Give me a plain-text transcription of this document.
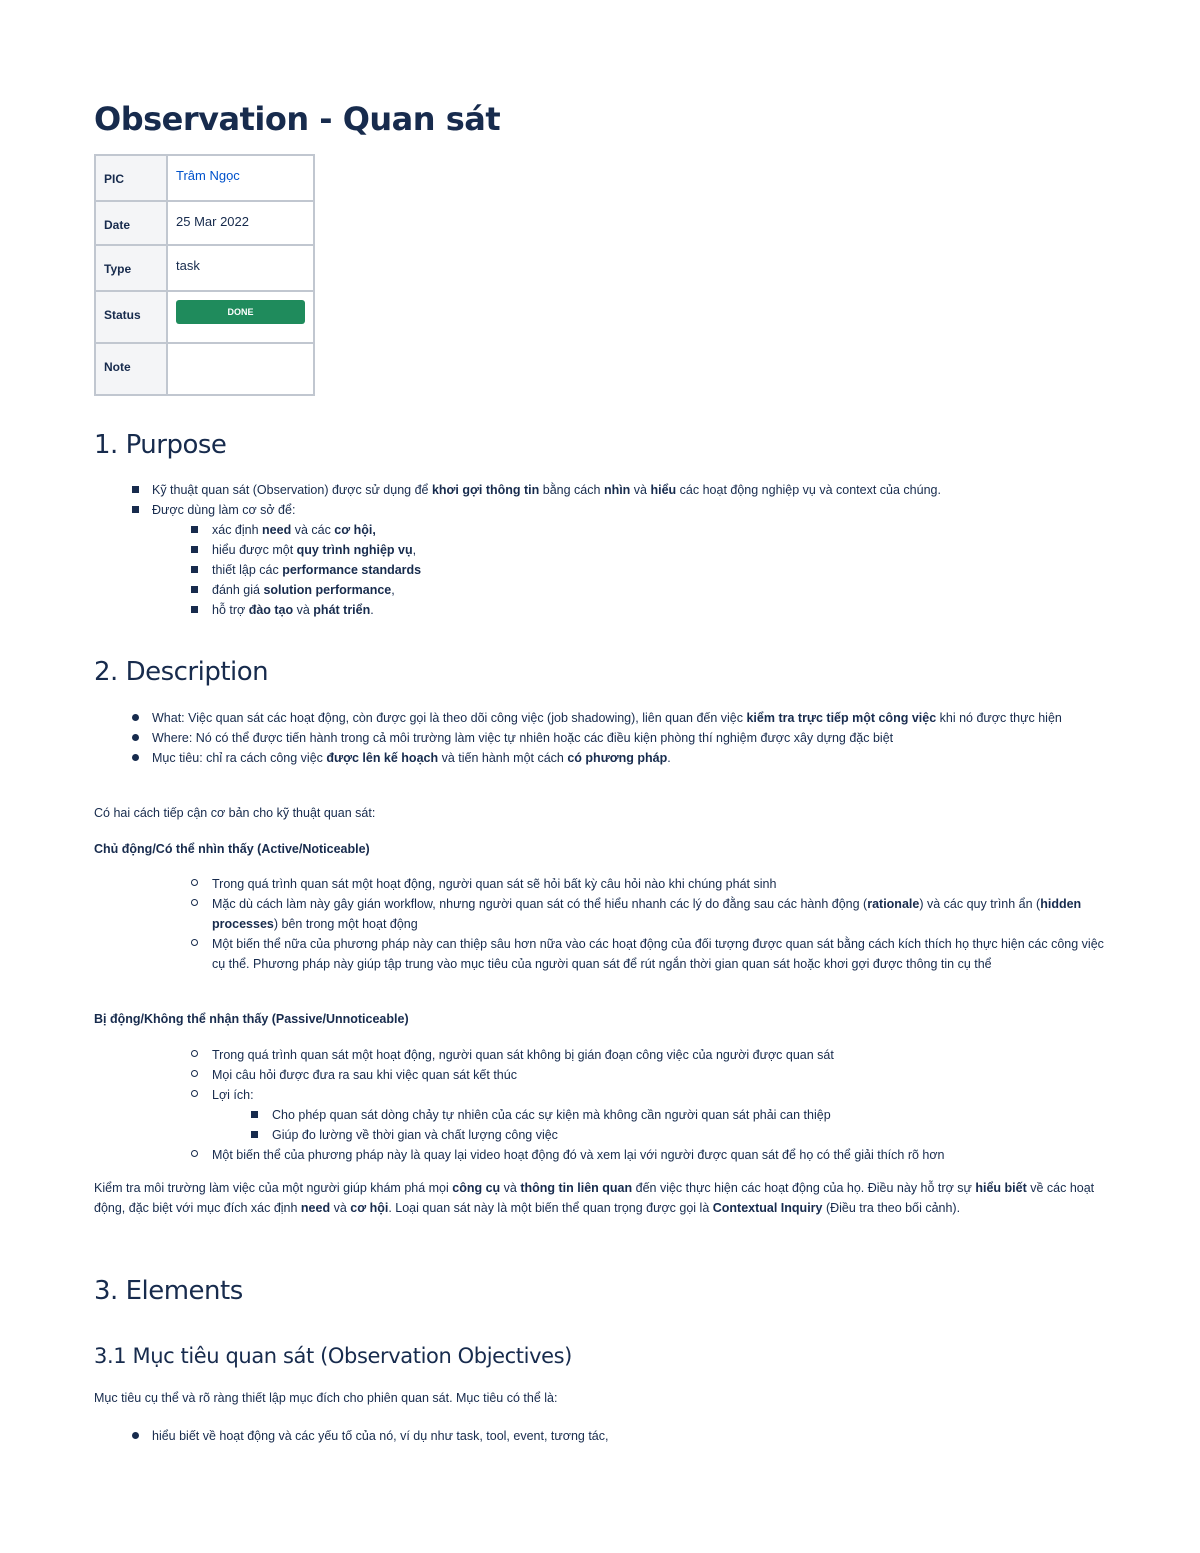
Observation - Quan sát
PIC	Trâm Ngọc
Date	25 Mar 2022
Type	task
Status	DONE

Note	
1. Purpose
Kỹ thuật quan sát (Observation) được sử dụng để khơi gợi thông tin bằng cách nhìn và hiểu các hoạt động nghiệp vụ và context của chúng.
Được dùng làm cơ sở để:
xác định need và các cơ hội,
hiểu được một quy trình nghiệp vụ,
thiết lập các performance standards
đánh giá solution performance,
hỗ trợ đào tạo và phát triển.
2. Description
What: Việc quan sát các hoạt động, còn được gọi là theo dõi công việc (job shadowing), liên quan đến việc kiểm tra trực tiếp một công việc khi nó được thực hiện
Where: Nó có thể được tiến hành trong cả môi trường làm việc tự nhiên hoặc các điều kiện phòng thí nghiệm được xây dựng đặc biệt
Mục tiêu: chỉ ra cách công việc được lên kế hoạch và tiến hành một cách có phương pháp.

Có hai cách tiếp cận cơ bản cho kỹ thuật quan sát:

Chủ động/Có thể nhìn thấy (Active/Noticeable)

Trong quá trình quan sát một hoạt động, người quan sát sẽ hỏi bất kỳ câu hỏi nào khi chúng phát sinh
Mặc dù cách làm này gây gián workflow, nhưng người quan sát có thể hiểu nhanh các lý do đằng sau các hành động (rationale) và các quy trình ẩn (hidden processes) bên trong một hoạt động
Một biến thể nữa của phương pháp này can thiệp sâu hơn nữa vào các hoạt động của đối tượng được quan sát bằng cách kích thích họ thực hiện các công việc cụ thể. Phương pháp này giúp tập trung vào mục tiêu của người quan sát để rút ngắn thời gian quan sát hoặc khơi gợi được thông tin cụ thể

Bị động/Không thể nhận thấy (Passive/Unnoticeable)

Trong quá trình quan sát một hoạt động, người quan sát không bị gián đoạn công việc của người được quan sát
Mọi câu hỏi được đưa ra sau khi việc quan sát kết thúc
Lợi ích:
Cho phép quan sát dòng chảy tự nhiên của các sự kiện mà không cần người quan sát phải can thiệp
Giúp đo lường về thời gian và chất lượng công việc
Một biến thể của phương pháp này là quay lại video hoạt động đó và xem lại với người được quan sát để họ có thể giải thích rõ hơn

Kiểm tra môi trường làm việc của một người giúp khám phá mọi công cụ và thông tin liên quan đến việc thực hiện các hoạt động của họ. Điều này hỗ trợ sự hiểu biết về các hoạt động, đặc biệt với mục đích xác định need và cơ hội. Loại quan sát này là một biến thể quan trọng được gọi là Contextual Inquiry (Điều tra theo bối cảnh).

3. Elements
3.1 Mục tiêu quan sát (Observation Objectives)

Mục tiêu cụ thể và rõ ràng thiết lập mục đích cho phiên quan sát. Mục tiêu có thể là:

hiểu biết về hoạt động và các yếu tố của nó, ví dụ như task, tool, event, tương tác,
